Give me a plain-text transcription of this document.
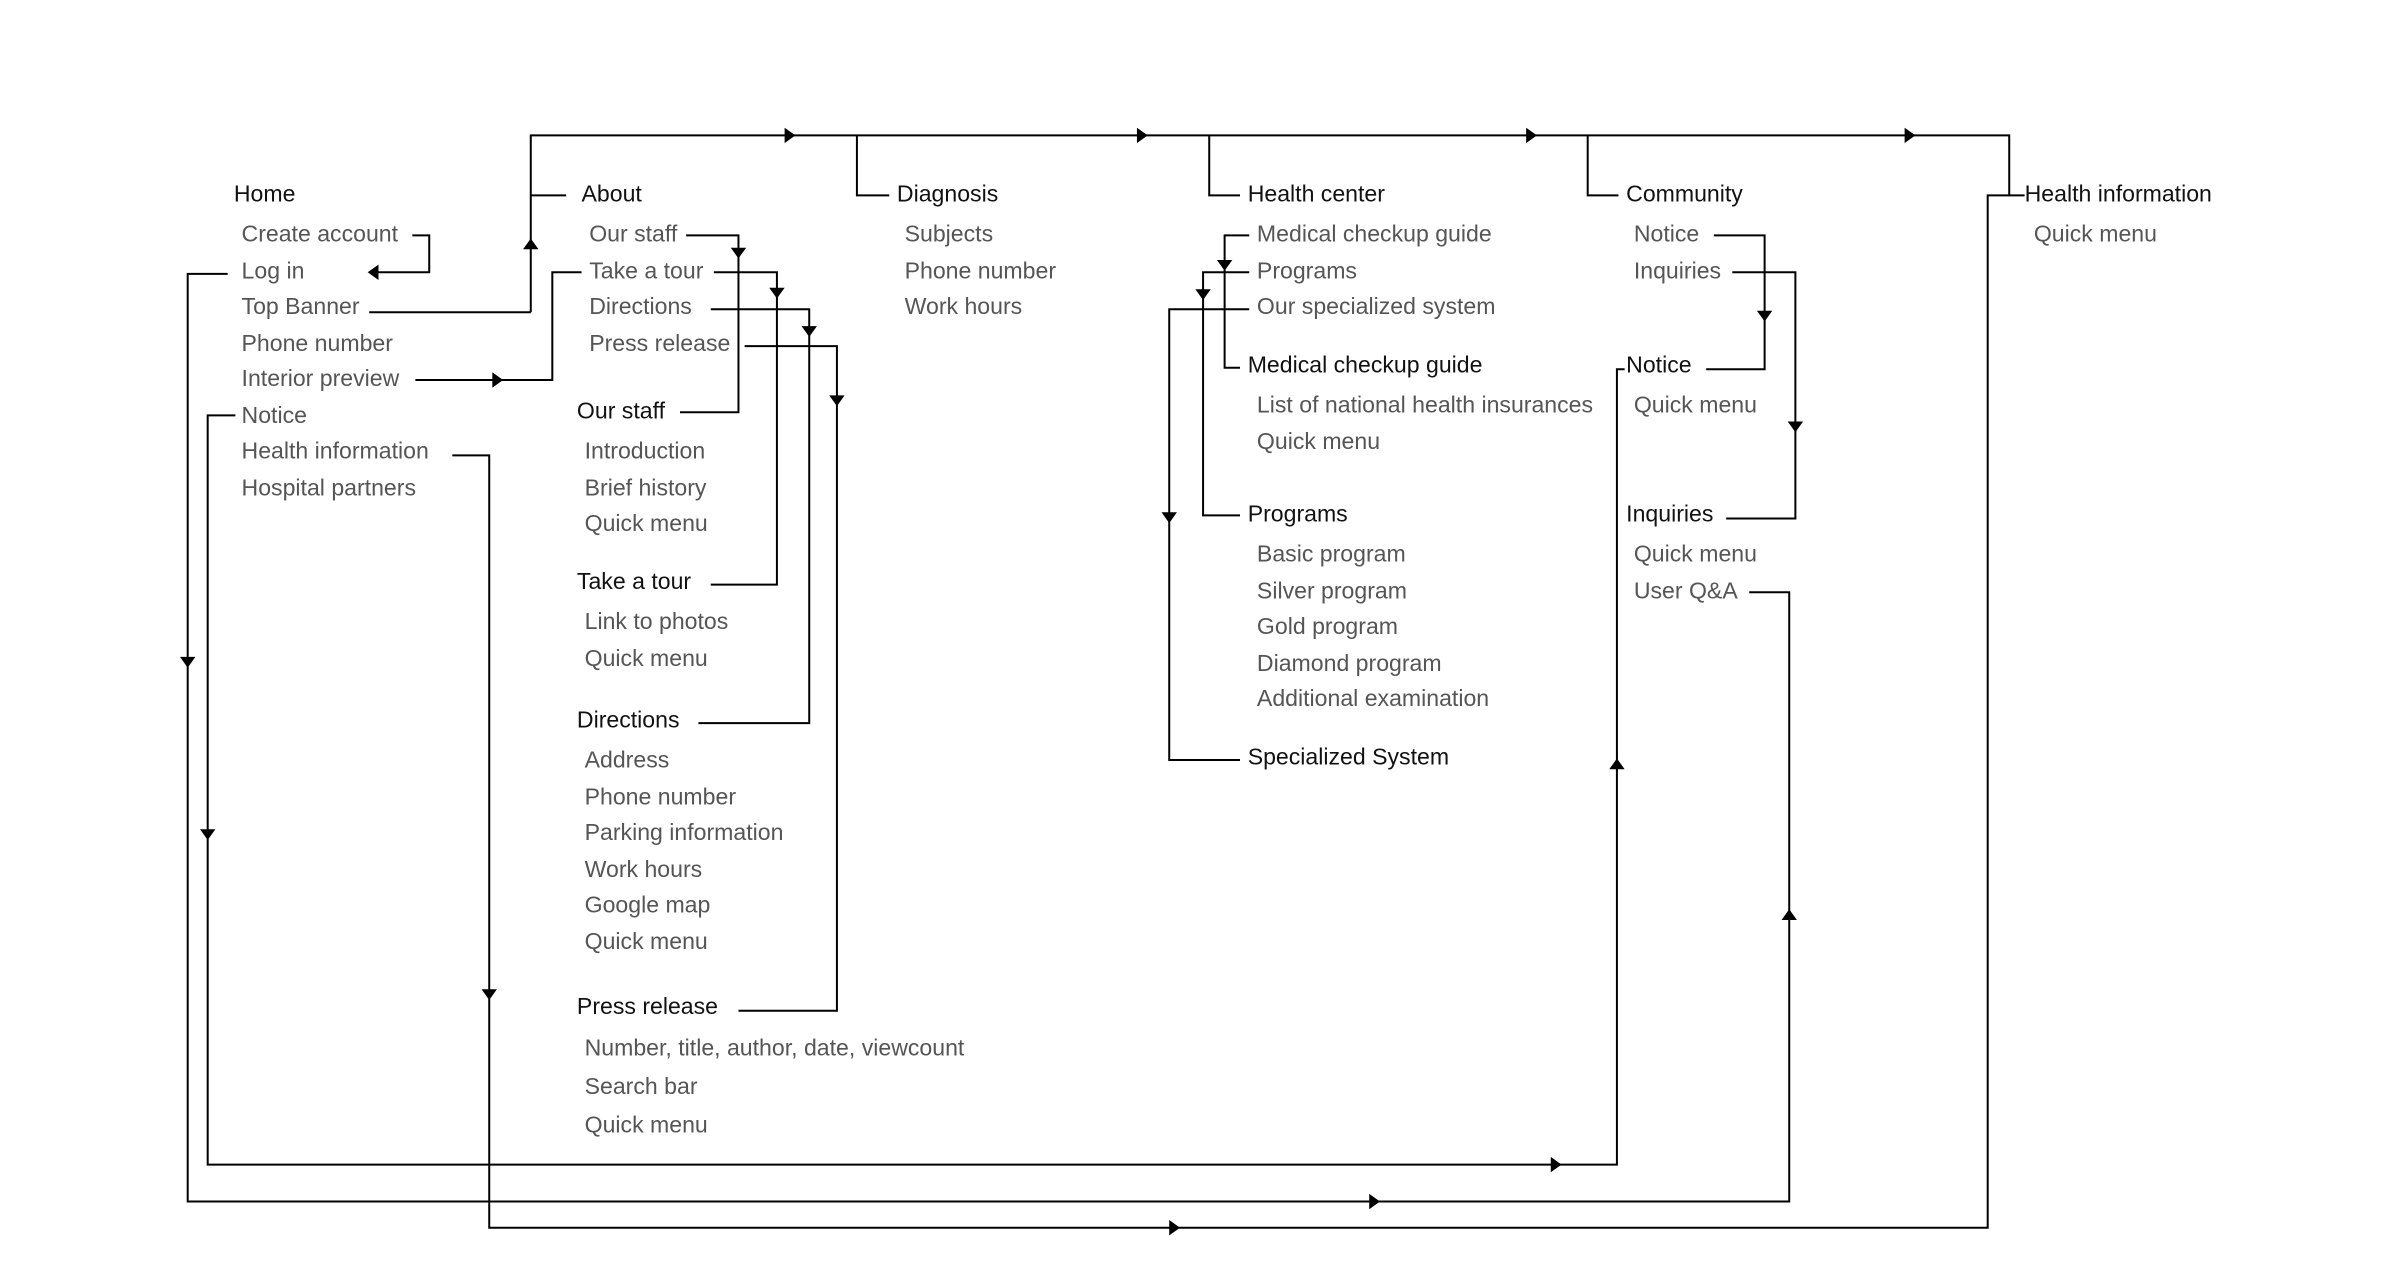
Home
Create account
Log in
Top Banner
Phone number
Interior preview
Notice
Health information
Hospital partners
About
Our staff
Take a tour
Directions
Press release
Our staff
Introduction
Brief history
Quick menu
Take a tour
Link to photos
Quick menu
Directions
Address
Phone number
Parking information
Work hours
Google map
Quick menu
Press release
Number, title, author, date, viewcount
Search bar
Quick menu
Diagnosis
Subjects
Phone number
Work hours
Health center
Medical checkup guide
Programs
Our specialized system
Medical checkup guide
List of national health insurances
Quick menu
Programs
Basic program
Silver program
Gold program
Diamond program
Additional examination
Specialized System
Community
Notice
Inquiries
Notice
Quick menu
Inquiries
Quick menu
User Q&A
Health information
Quick menu
